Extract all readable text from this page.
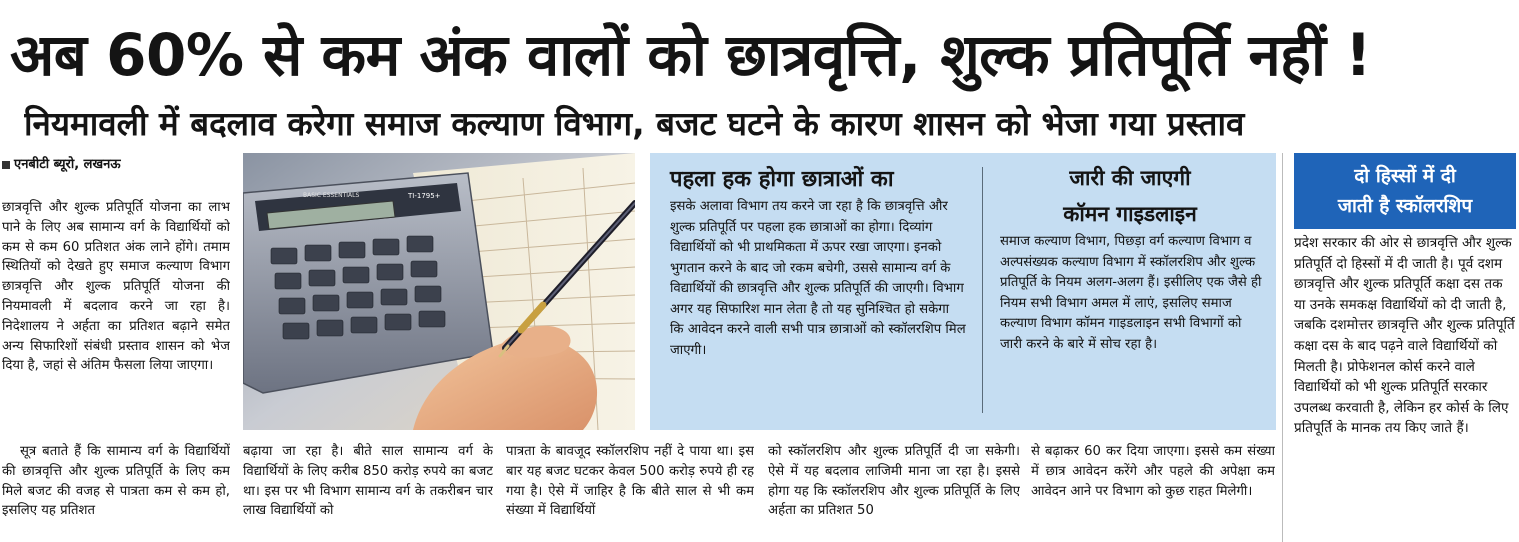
अब 60% से कम अंक वालों को छात्रवृत्ति, शुल्क प्रतिपूर्ति नहीं !
नियमावली में बदलाव करेगा समाज कल्याण विभाग, बजट घटने के कारण शासन को भेजा गया प्रस्ताव
एनबीटी ब्यूरो, लखनऊ
छात्रवृत्ति और शुल्क प्रतिपूर्ति योजना का लाभ पाने के लिए अब सामान्य वर्ग के विद्यार्थियों को कम से कम 60 प्रतिशत अंक लाने होंगे। तमाम स्थितियों को देखते हुए समाज कल्याण विभाग छात्रवृत्ति और शुल्क प्रतिपूर्ति योजना की नियमावली में बदलाव करने जा रहा है। निदेशालय ने अर्हता का प्रतिशत बढ़ाने समेत अन्य सिफारिशों संबंधी प्रस्ताव शासन को भेज दिया है, जहां से अंतिम फैसला लिया जाएगा।
TI-1795+
BASIC ESSENTIALS
पहला हक होगा छात्राओं का
इसके अलावा विभाग तय करने जा रहा है कि छात्रवृत्ति और शुल्क प्रतिपूर्ति पर पहला हक छात्राओं का होगा। दिव्यांग विद्यार्थियों को भी प्राथमिकता में ऊपर रखा जाएगा। इनको भुगतान करने के बाद जो रकम बचेगी, उससे सामान्य वर्ग के विद्यार्थियों की छात्रवृत्ति और शुल्क प्रतिपूर्ति की जाएगी। विभाग अगर यह सिफारिश मान लेता है तो यह सुनिश्चित हो सकेगा कि आवेदन करने वाली सभी पात्र छात्राओं को स्कॉलरशिप मिल जाएगी।
जारी की जाएगी
कॉमन गाइडलाइन
समाज कल्याण विभाग, पिछड़ा वर्ग कल्याण विभाग व अल्पसंख्यक कल्याण विभाग में स्कॉलरशिप और शुल्क प्रतिपूर्ति के नियम अलग-अलग हैं। इसीलिए एक जैसे ही नियम सभी विभाग अमल में लाएं, इसलिए समाज कल्याण विभाग कॉमन गाइडलाइन सभी विभागों को जारी करने के बारे में सोच रहा है।
दो हिस्सों में दी
जाती है स्कॉलरशिप
प्रदेश सरकार की ओर से छात्रवृत्ति और शुल्क प्रतिपूर्ति दो हिस्सों में दी जाती है। पूर्व दशम छात्रवृत्ति और शुल्क प्रतिपूर्ति कक्षा दस तक या उनके समकक्ष विद्यार्थियों को दी जाती है, जबकि दशमोत्तर छात्रवृत्ति और शुल्क प्रतिपूर्ति कक्षा दस के बाद पढ़ने वाले विद्यार्थियों को मिलती है। प्रोफेशनल कोर्स करने वाले विद्यार्थियों को भी शुल्क प्रतिपूर्ति सरकार उपलब्ध करवाती है, लेकिन हर कोर्स के लिए प्रतिपूर्ति के मानक तय किए जाते हैं।
सूत्र बताते हैं कि सामान्य वर्ग के विद्यार्थियों की छात्रवृत्ति और शुल्क प्रतिपूर्ति के लिए कम मिले बजट की वजह से पात्रता कम से कम हो, इसलिए यह प्रतिशत
बढ़ाया जा रहा है। बीते साल सामान्य वर्ग के विद्यार्थियों के लिए करीब 850 करोड़ रुपये का बजट था। इस पर भी विभाग सामान्य वर्ग के तकरीबन चार लाख विद्यार्थियों को
पात्रता के बावजूद स्कॉलरशिप नहीं दे पाया था। इस बार यह बजट घटकर केवल 500 करोड़ रुपये ही रह गया है। ऐसे में जाहिर है कि बीते साल से भी कम संख्या में विद्यार्थियों
को स्कॉलरशिप और शुल्क प्रतिपूर्ति दी जा सकेगी। ऐसे में यह बदलाव लाजिमी माना जा रहा है। इससे होगा यह कि स्कॉलरशिप और शुल्क प्रतिपूर्ति के लिए अर्हता का प्रतिशत 50
से बढ़ाकर 60 कर दिया जाएगा। इससे कम संख्या में छात्र आवेदन करेंगे और पहले की अपेक्षा कम आवेदन आने पर विभाग को कुछ राहत मिलेगी।
